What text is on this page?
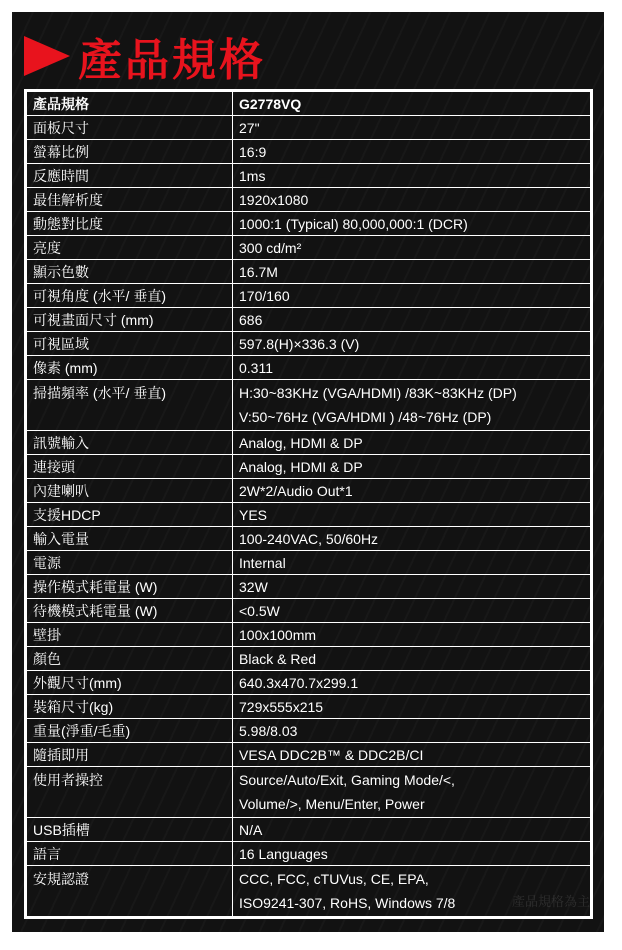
產品規格
產品規格	G2778VQ
面板尺寸	27"
螢幕比例	16:9
反應時間	1ms
最佳解析度	1920x1080
動態對比度	1000:1 (Typical) 80,000,000:1 (DCR)
亮度	300 cd/m²
顯示色數	16.7M
可視角度 (水平/ 垂直)	170/160
可視畫面尺寸 (mm)	686
可視區域	597.8(H)×336.3 (V)
像素 (mm)	0.311
掃描頻率 (水平/ 垂直)	H:30~83KHz (VGA/HDMI) /83K~83KHz (DP)
V:50~76Hz (VGA/HDMI ) /48~76Hz (DP)

訊號輸入	Analog, HDMI & DP
連接頭	Analog, HDMI & DP
內建喇叭	2W*2/Audio Out*1
支援HDCP	YES
輸入電量	100-240VAC, 50/60Hz
電源	Internal
操作模式耗電量 (W)	32W
待機模式耗電量 (W)	<0.5W
壁掛	100x100mm
顏色	Black & Red
外觀尺寸(mm)	640.3x470.7x299.1
裝箱尺寸(kg)	729x555x215
重量(淨重/毛重)	5.98/8.03
隨插即用	VESA DDC2B™ & DDC2B/CI
使用者操控	Source/Auto/Exit, Gaming Mode/<,
Volume/>, Menu/Enter, Power

USB插槽	N/A
語言	16 Languages
安規認證	CCC, FCC, cTUVus, CE, EPA,
ISO9241-307, RoHS, Windows 7/8	產品規格為主
